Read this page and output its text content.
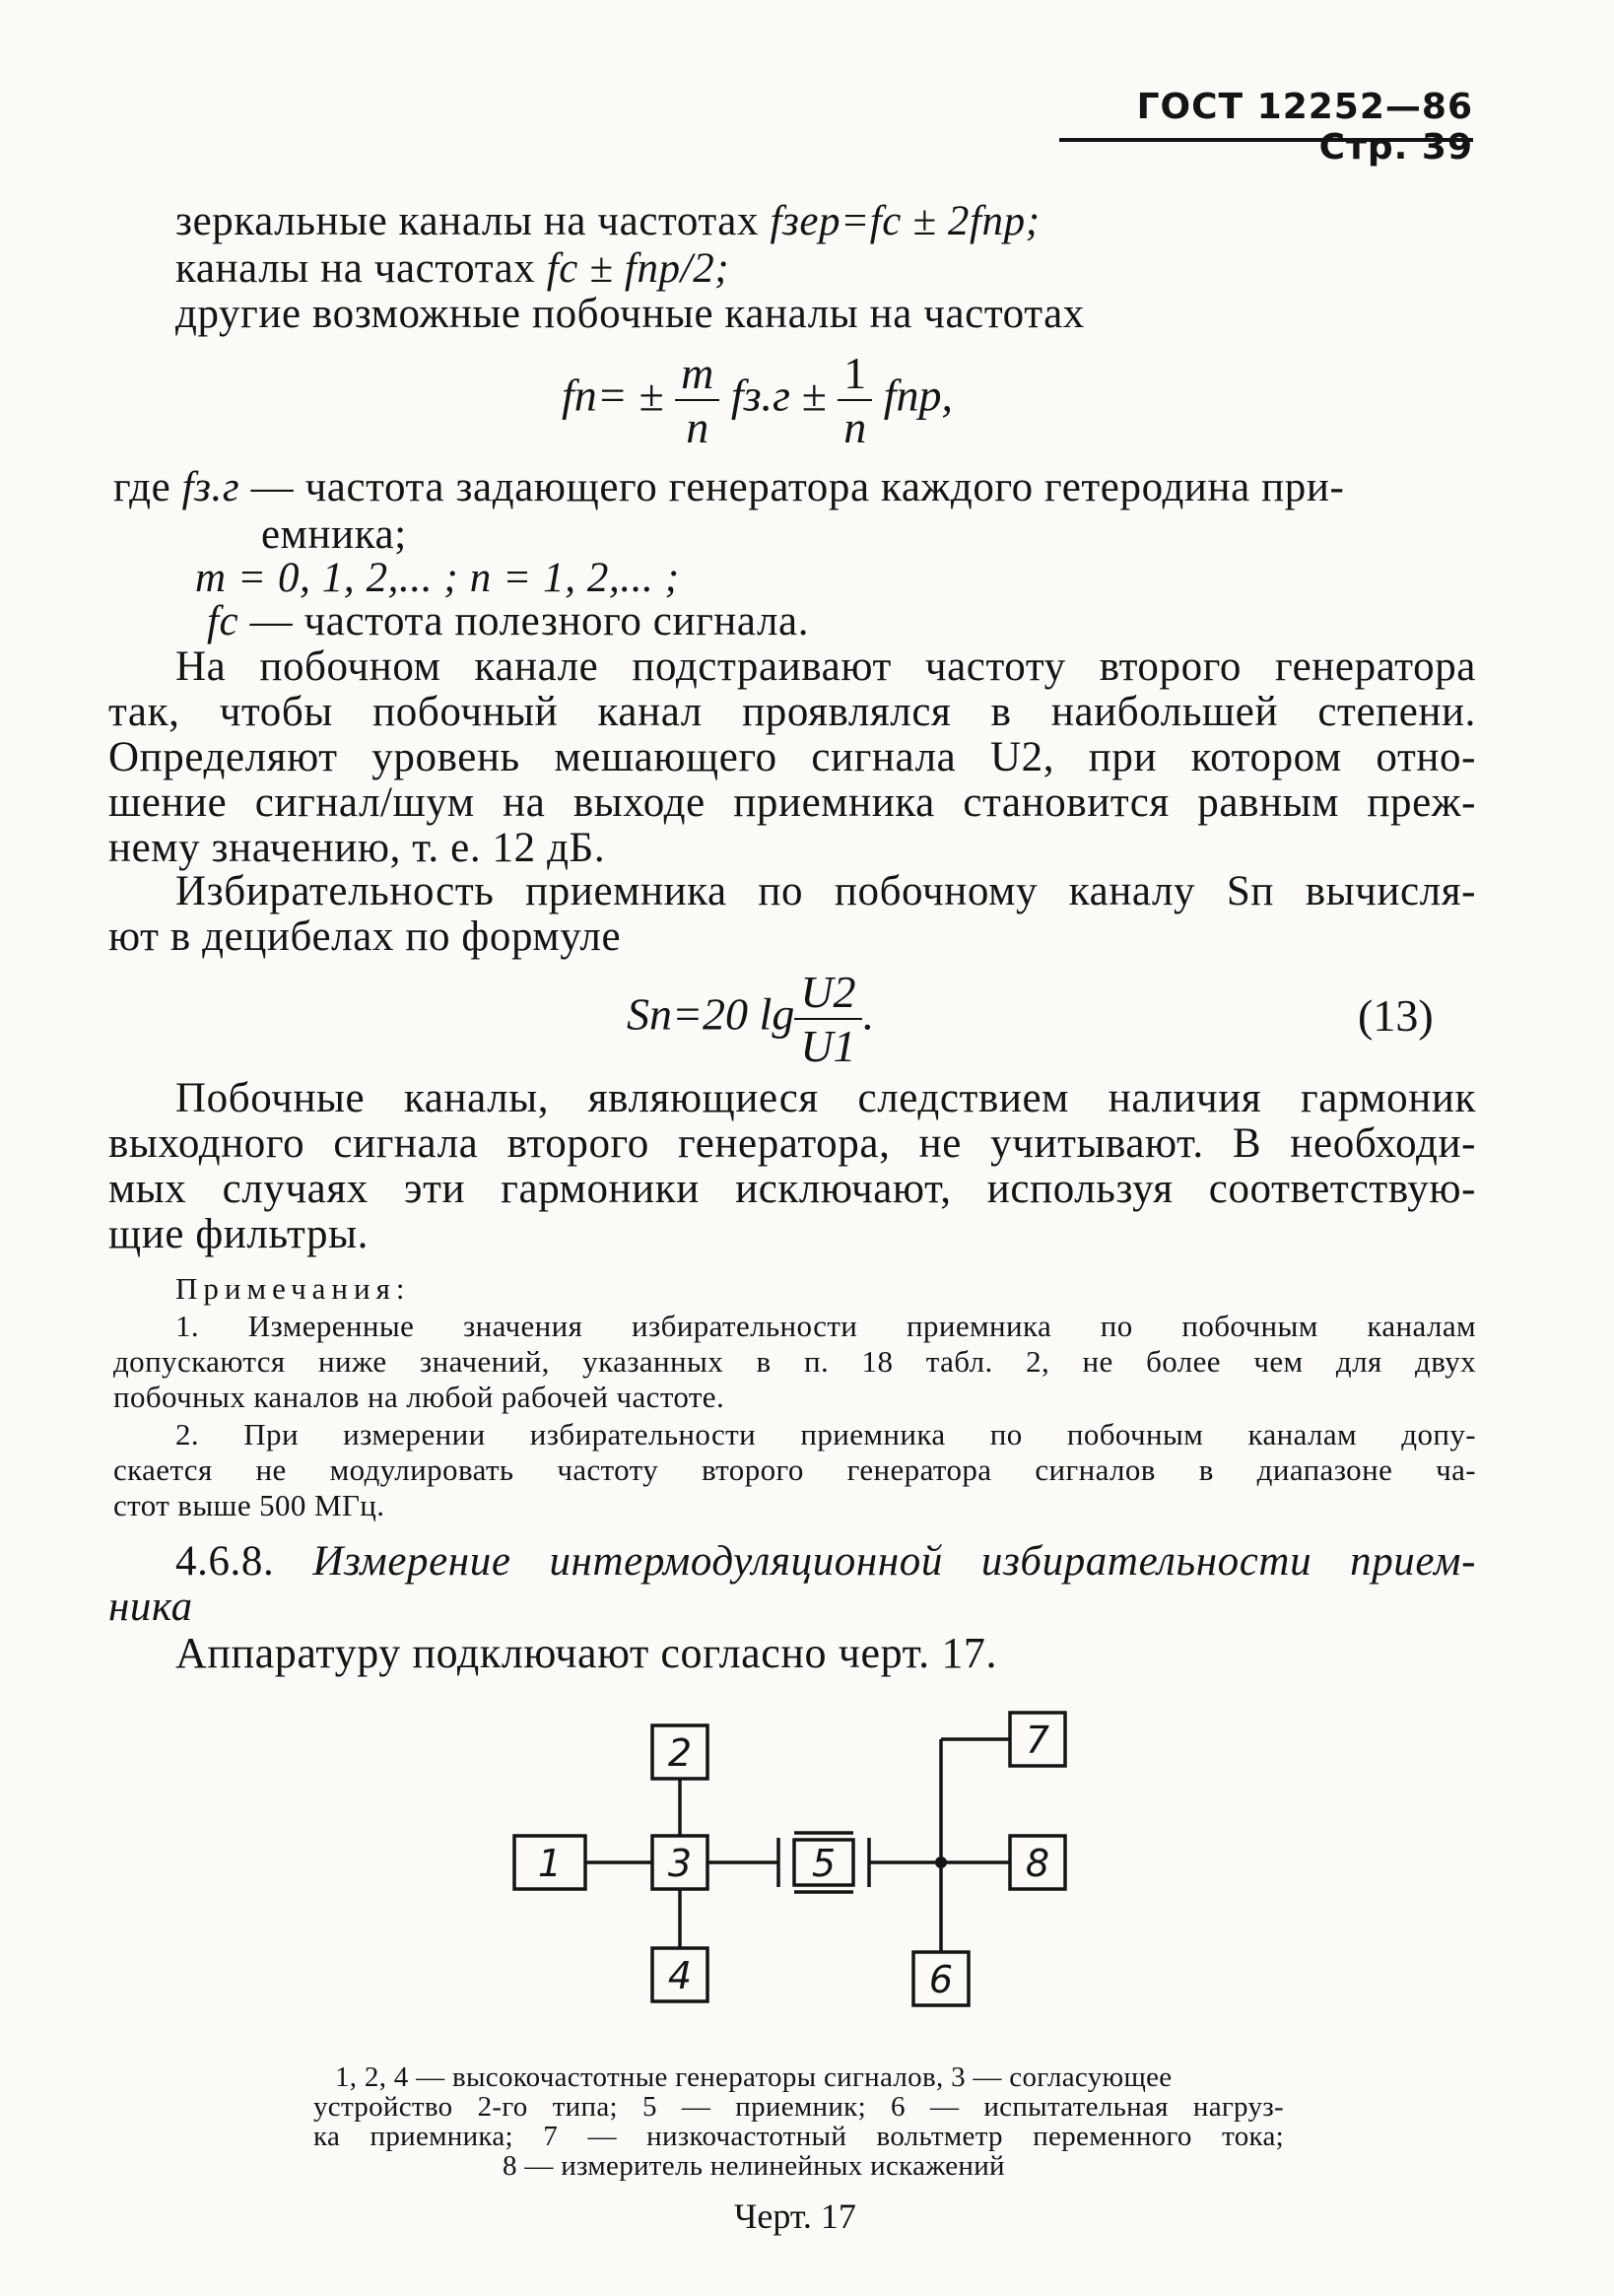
ГОСТ 12252—86 Стр. 39
зеркальные каналы на частотах fзер=fс ± 2fпр;
каналы на частотах fс ± fпр/2;
другие возможные побочные каналы на частотах
$fп= \pm \frac{m}{n} fз.г \pm \frac{1}{n}$ fпр,
где fз.г — частота задающего генератора каждого гетеродина при-
емника;
m = 0, 1, 2,... ; n = 1, 2,... ;
fс — частота полезного сигнала.
На побочном канале подстраивают частоту второго генератора
так, чтобы побочный канал проявлялся в наибольшей степени.
Определяют уровень мешающего сигнала U2, при котором отно-
шение сигнал/шум на выходе приемника становится равным преж-
нему значению, т. е. 12 дБ.
Избирательность приемника по побочному каналу Sп вычисля-
ют в децибелах по формуле
Sп=20 $\lg \frac{U2}{U1}$ .	(13)
Побочные каналы, являющиеся следствием наличия гармоник
выходного сигнала второго генератора, не учитывают. В необходи-
мых случаях эти гармоники исключают, используя соответствую-
щие фильтры.
Примечания:
1. Измеренные значения избирательности приемника по побочным каналам
допускаются ниже значений, указанных в п. 18 табл. 2, не более чем для двух
побочных каналов на любой рабочей частоте.
2. При измерении избирательности приемника по побочным каналам допу-
скается не модулировать частоту второго генератора сигналов в диапазоне ча-
стот выше 500 МГц.
4.6.8. Измерение интермодуляционной избирательности прием-
ника
Аппаратуру подключают согласно черт. 17.
1
2
3
4
5
6
7
8
1, 2, 4 — высокочастотные генераторы сигналов, 3 — согласующее
устройство 2-го типа; 5 — приемник; 6 — испытательная нагруз-
ка приемника; 7 — низкочастотный вольтметр переменного тока;
8 — измеритель нелинейных искажений
Черт. 17
